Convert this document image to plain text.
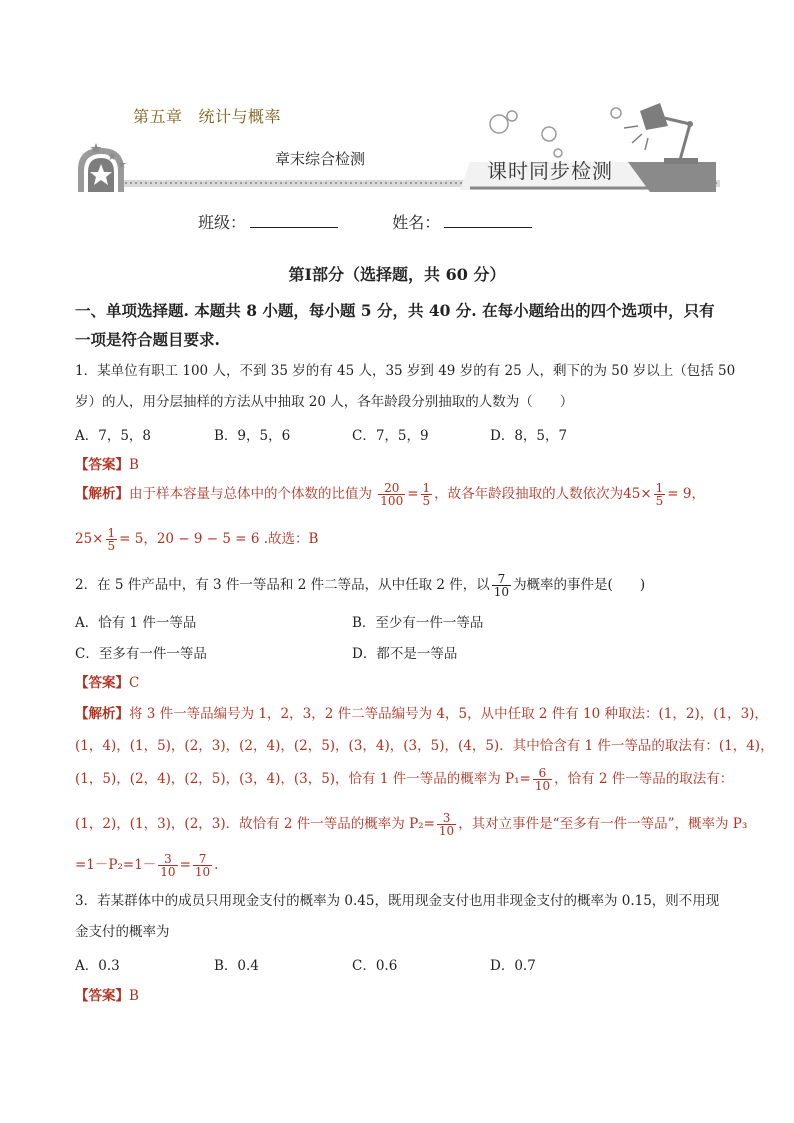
第五章 统计与概率
章末综合检测	课时同步检测
班级：	姓名：
第Ⅰ部分（选择题，共 60 分）
一、单项选择题. 本题共 8 小题，每小题 5 分，共 40 分. 在每小题给出的四个选项中，只有一项是符合题目要求.
1．某单位有职工 100 人，不到 35 岁的有 45 人，35 岁到 49 岁的有 25 人，剩下的为 50 岁以上（包括 50
岁）的人，用分层抽样的方法从中抽取 20 人，各年龄段分别抽取的人数为（　　）
A．7，5，8	B．9，5，6	C．7，5，9	D．8，5，7
【答案】B
【解析】由于样本容量与总体中的个体数的比值为 $\frac{20}{100} = \frac{1}{5}$ ，故各年龄段抽取的人数依次为$45\times \frac{1}{5} = 9$，
$25\times \frac{1}{5} = 5$，20 − 9 − 5 = 6 .故选：B
2．在 5 件产品中，有 3 件一等品和 2 件二等品，从中任取 2 件，以 $\frac{7}{10}$ 为概率的事件是(　　)
A．恰有 1 件一等品	B．至少有一件一等品
C．至多有一件一等品	D．都不是一等品
【答案】C
【解析】将 3 件一等品编号为 1，2，3，2 件二等品编号为 4，5，从中任取 2 件有 10 种取法：(1，2)，(1，3)，
(1，4)，(1，5)，(2，3)，(2，4)，(2，5)，(3，4)，(3，5)，(4，5)．其中恰含有 1 件一等品的取法有：(1，4)，
(1，5)，(2，4)，(2，5)，(3，4)，(3，5)，恰有 1 件一等品的概率为 $P_1= \frac{6}{10}$ ，恰有 2 件一等品的取法有：
(1，2)，(1，3)，(2，3)．故恰有 2 件一等品的概率为 $P_2= \frac{3}{10}$ ，其对立事件是“至多有一件一等品”，概率为 P₃
$=1-P_2=1- \frac{3}{10} = \frac{7}{10}$ .
3．若某群体中的成员只用现金支付的概率为 0.45，既用现金支付也用非现金支付的概率为 0.15，则不用现
金支付的概率为
A．0.3	B．0.4	C．0.6	D．0.7
【答案】B
